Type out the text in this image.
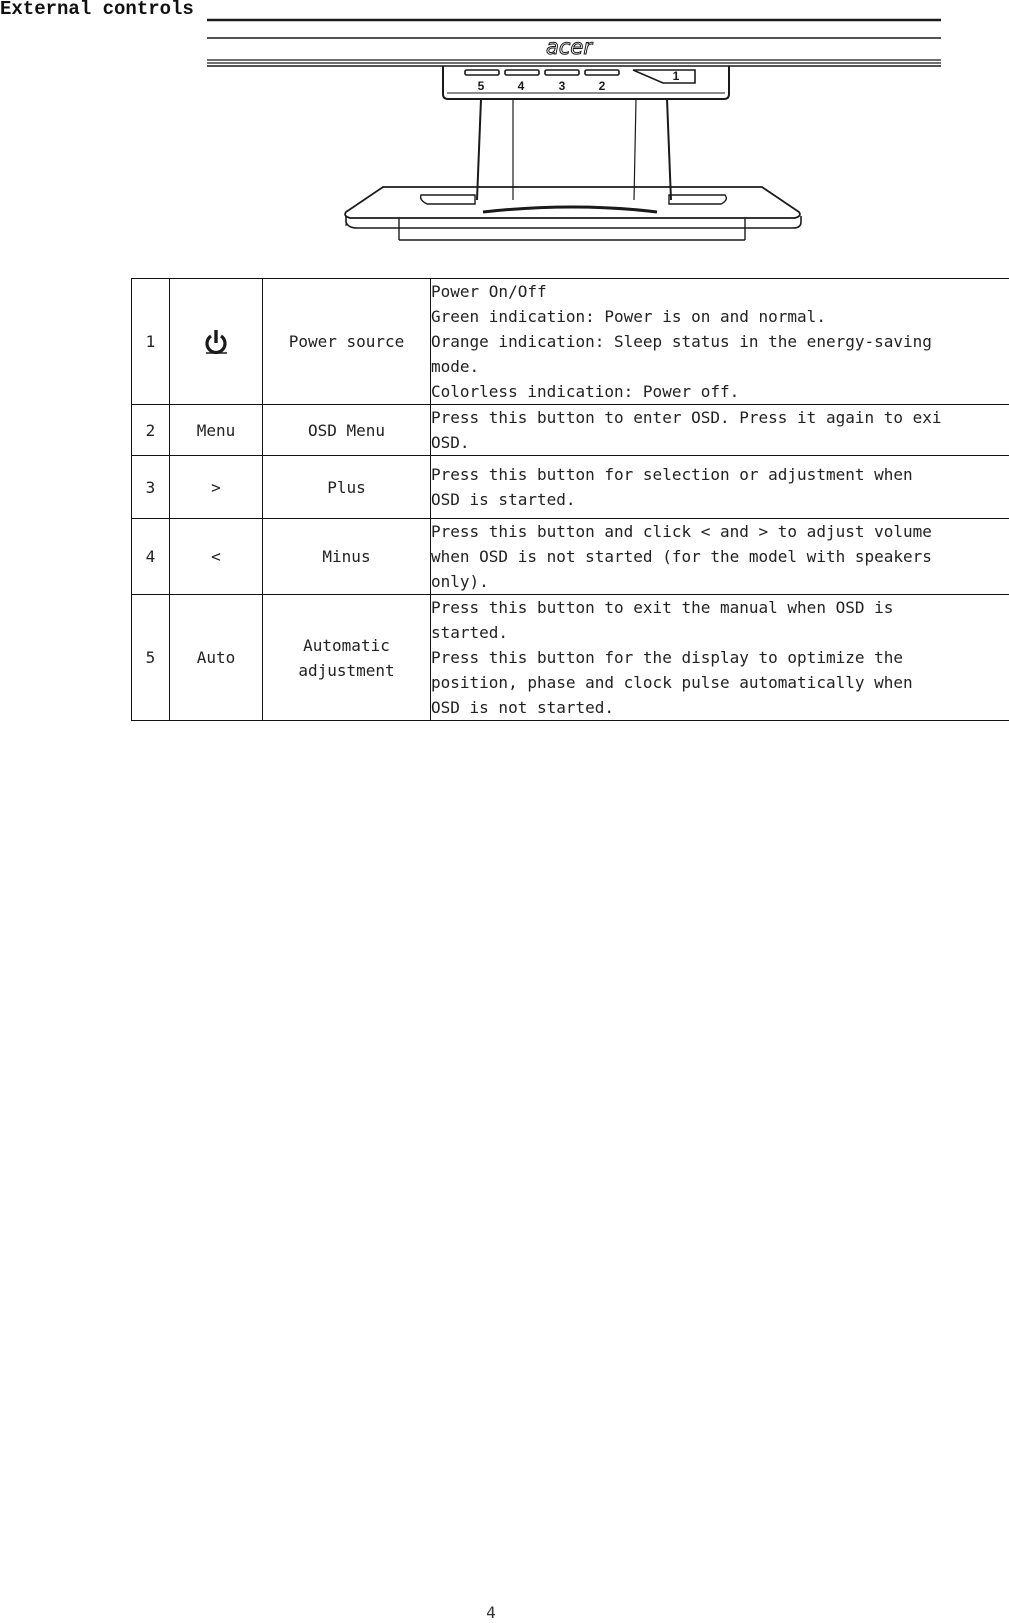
External controls
acer
5	4	3	2
1
1		Power source	Power On/Off
Green indication: Power is on and normal.
Orange indication: Sleep status in the energy-saving
mode.
Colorless indication: Power off.

2	Menu	OSD Menu	Press this button to enter OSD. Press it again to exi
OSD.

3	>	Plus	Press this button for selection or adjustment when
OSD is started.

4	<	Minus	Press this button and click < and > to adjust volume
when OSD is not started (for the model with speakers
only).

5	Auto	Automatic adjustment	Press this button to exit the manual when OSD is
started.
Press this button for the display to optimize the
position, phase and clock pulse automatically when
OSD is not started.
4
